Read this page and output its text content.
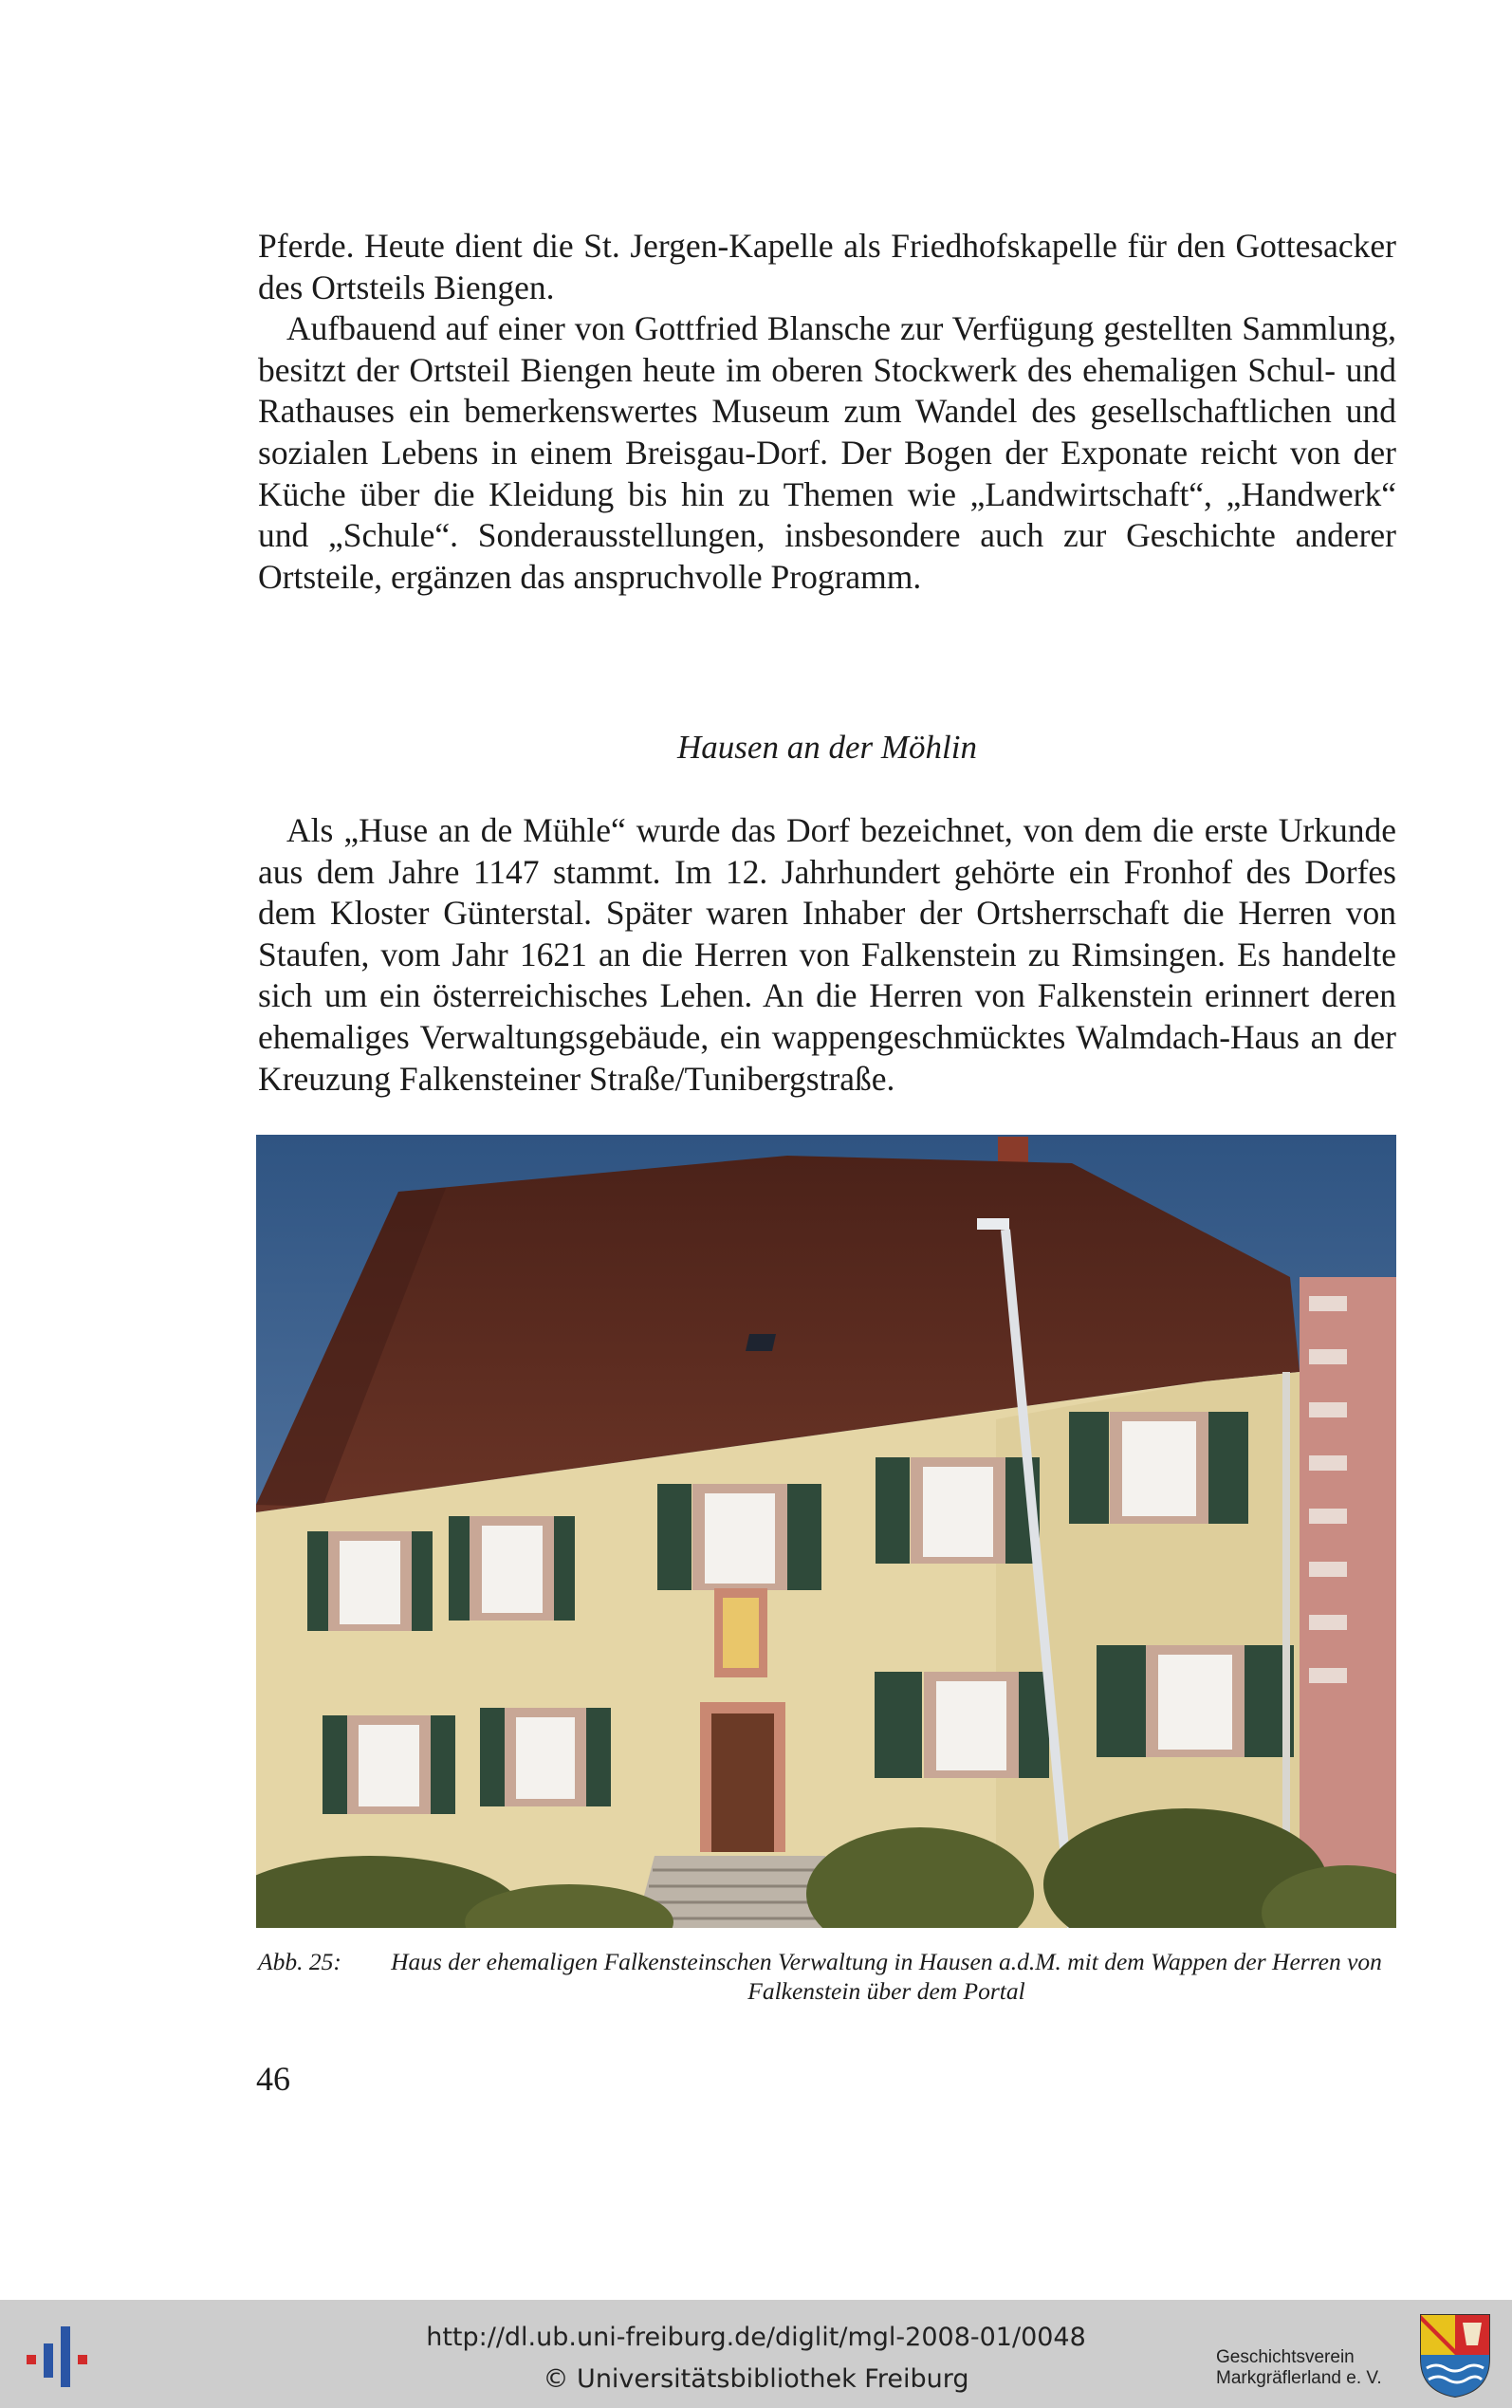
Pferde. Heute dient die St. Jergen-Kapelle als Friedhofskapelle für den Gottesacker des Ortsteils Biengen.

Aufbauend auf einer von Gottfried Blansche zur Verfügung gestellten Sammlung, besitzt der Ortsteil Biengen heute im oberen Stockwerk des ehemaligen Schul- und Rathauses ein bemerkenswertes Museum zum Wandel des gesellschaftlichen und sozialen Lebens in einem Breisgau-Dorf. Der Bogen der Exponate reicht von der Küche über die Kleidung bis hin zu Themen wie „Landwirtschaft“, „Handwerk“ und „Schule“. Sonderausstellungen, insbesondere auch zur Geschichte anderer Ortsteile, ergänzen das anspruchvolle Programm.

Hausen an der Möhlin

Als „Huse an de Mühle“ wurde das Dorf bezeichnet, von dem die erste Urkunde aus dem Jahre 1147 stammt. Im 12. Jahrhundert gehörte ein Fronhof des Dorfes dem Kloster Günterstal. Später waren Inhaber der Ortsherrschaft die Herren von Staufen, vom Jahr 1621 an die Herren von Falkenstein zu Rimsingen. Es handelte sich um ein österreichisches Lehen. An die Herren von Falkenstein erinnert deren ehemaliges Verwaltungsgebäude, ein wappengeschmücktes Walmdach-Haus an der Kreuzung Falkensteiner Straße/Tunibergstraße.

Abb. 25:	Haus der ehemaligen Falkensteinschen Verwaltung in Hausen a.d.M. mit dem Wappen der Herren von Falkenstein über dem Portal
46
http://dl.ub.uni-freiburg.de/diglit/mgl-2008-01/0048
© Universitätsbibliothek Freiburg
Geschichtsverein
Markgräflerland e. V.
